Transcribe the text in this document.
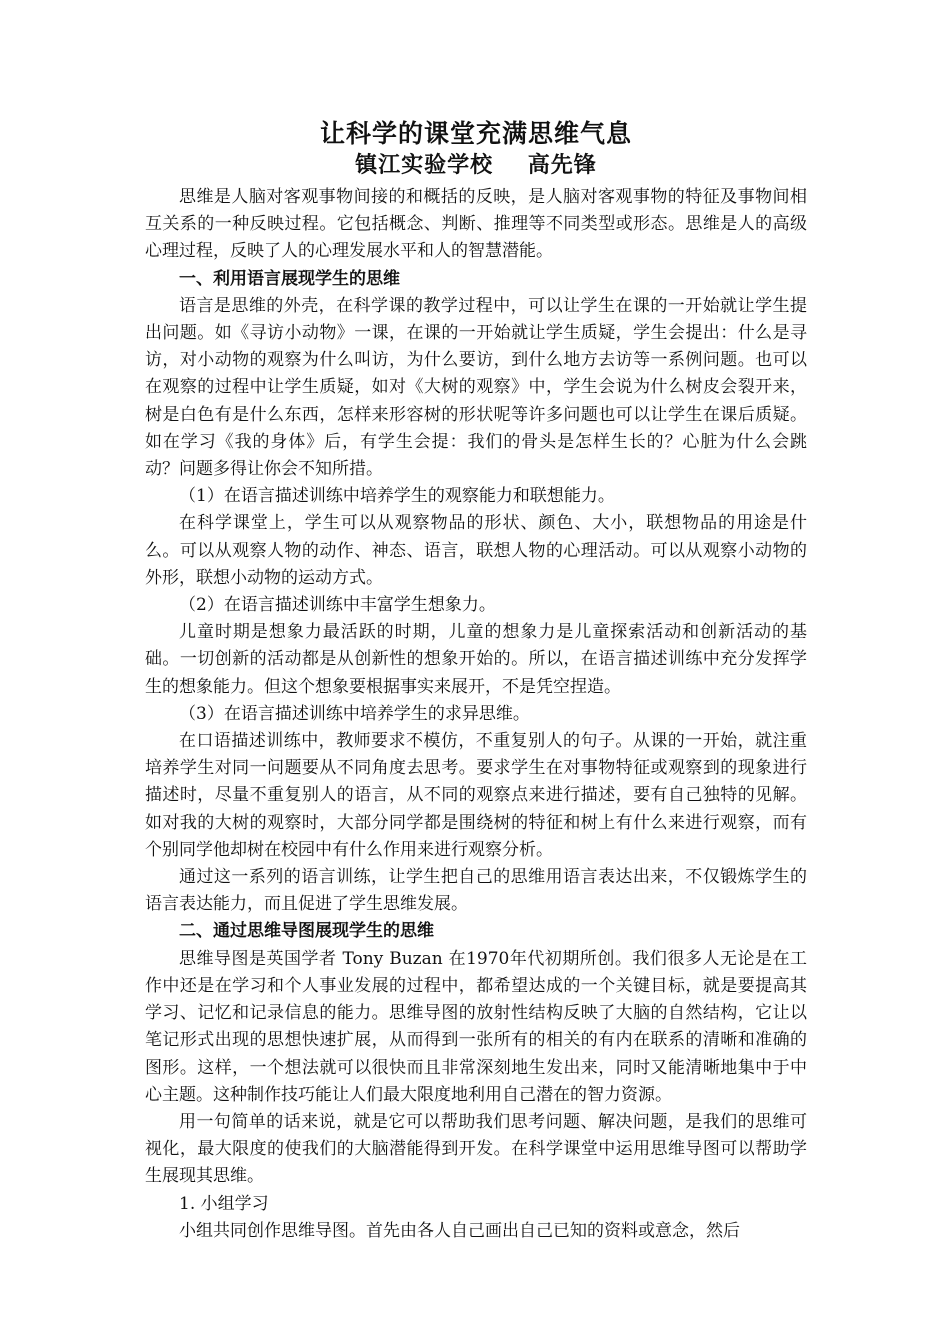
让科学的课堂充满思维气息
镇江实验学校    高先锋

思维是人脑对客观事物间接的和概括的反映，是人脑对客观事物的特征及事物间相互关系的一种反映过程。它包括概念、判断、推理等不同类型或形态。思维是人的高级心理过程，反映了人的心理发展水平和人的智慧潜能。

一、利用语言展现学生的思维

语言是思维的外壳，在科学课的教学过程中，可以让学生在课的一开始就让学生提出问题。如《寻访小动物》一课，在课的一开始就让学生质疑，学生会提出：什么是寻访，对小动物的观察为什么叫访，为什么要访，到什么地方去访等一系例问题。也可以在观察的过程中让学生质疑，如对《大树的观察》中，学生会说为什么树皮会裂开来，树是白色有是什么东西，怎样来形容树的形状呢等许多问题也可以让学生在课后质疑。如在学习《我的身体》后，有学生会提：我们的骨头是怎样生长的？心脏为什么会跳动？问题多得让你会不知所措。

（1）在语言描述训练中培养学生的观察能力和联想能力。

在科学课堂上，学生可以从观察物品的形状、颜色、大小，联想物品的用途是什么。可以从观察人物的动作、神态、语言，联想人物的心理活动。可以从观察小动物的外形，联想小动物的运动方式。

（2）在语言描述训练中丰富学生想象力。

儿童时期是想象力最活跃的时期，儿童的想象力是儿童探索活动和创新活动的基础。一切创新的活动都是从创新性的想象开始的。所以，在语言描述训练中充分发挥学生的想象能力。但这个想象要根据事实来展开，不是凭空捏造。

（3）在语言描述训练中培养学生的求异思维。

在口语描述训练中，教师要求不模仿，不重复别人的句子。从课的一开始，就注重培养学生对同一问题要从不同角度去思考。要求学生在对事物特征或观察到的现象进行描述时，尽量不重复别人的语言，从不同的观察点来进行描述，要有自己独特的见解。如对我的大树的观察时，大部分同学都是围绕树的特征和树上有什么来进行观察，而有个别同学他却树在校园中有什么作用来进行观察分析。

通过这一系列的语言训练，让学生把自己的思维用语言表达出来，不仅锻炼学生的语言表达能力，而且促进了学生思维发展。

二、通过思维导图展现学生的思维

思维导图是英国学者 Tony Buzan 在1970年代初期所创。我们很多人无论是在工作中还是在学习和个人事业发展的过程中，都希望达成的一个关键目标，就是要提高其学习、记忆和记录信息的能力。思维导图的放射性结构反映了大脑的自然结构，它让以笔记形式出现的思想快速扩展，从而得到一张所有的相关的有内在联系的清晰和准确的图形。这样，一个想法就可以很快而且非常深刻地生发出来，同时又能清晰地集中于中心主题。这种制作技巧能让人们最大限度地利用自己潜在的智力资源。

用一句简单的话来说，就是它可以帮助我们思考问题、解决问题，是我们的思维可视化，最大限度的使我们的大脑潜能得到开发。在科学课堂中运用思维导图可以帮助学生展现其思维。

1. 小组学习

小组共同创作思维导图。首先由各人自己画出自己已知的资料或意念，然后
